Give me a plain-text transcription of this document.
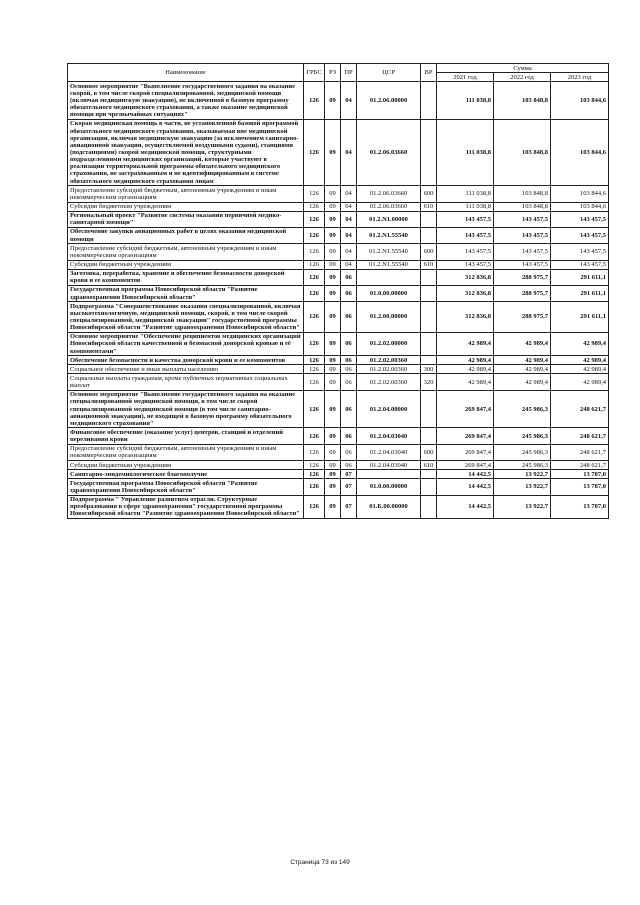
Наименование	ГРБС	РЗ	ПР	ЦСР	ВР	Сумма		
						2021 год	2022 год	2023 год
Основное мероприятие "Выполнение государственного задания на оказание скорой, в том числе скорой специализированной, медицинской помощи (включая медицинскую эвакуацию), не включенной в базовую программу обязательного медицинского страхования, а также оказание медицинской помощи при чрезвычайных ситуациях"	126	09	04	01.2.06.00000		111 038,8	103 848,8	103 844,6
Скорая медицинская помощь в части, не установленной базовой программой обязательного медицинского страхования, оказываемая вне медицинской организации, включая медицинскую эвакуацию (за исключением санитарно-авиационной эвакуации, осуществляемой воздушными судами), станциями (подстанциями) скорой медицинской помощи, структурными подразделениями медицинских организаций, которые участвуют в реализации территориальной программы обязательного медицинского страхования, не застрахованным и не идентифицированным в системе обязательного медицинского страхования лицам	126	09	04	01.2.06.03660		111 038,8	103 848,8	103 844,6
Предоставление субсидий бюджетным, автономным учреждениям и иным некоммерческим организациям	126	09	04	01.2.06.03660	600	111 038,8	103 848,8	103 844,6
Субсидии бюджетным учреждениям	126	09	04	01.2.06.03660	610	111 038,8	103 848,8	103 844,6
Региональный проект "Развитие системы оказания первичной медико-санитарной помощи"	126	09	04	01.2.N1.00000		143 457,5	143 457,5	143 457,5
Обеспечение закупки авиационных работ в целях оказания медицинской помощи	126	09	04	01.2.N1.55540		143 457,5	143 457,5	143 457,5
Предоставление субсидий бюджетным, автономным учреждениям и иным некоммерческим организациям	126	09	04	01.2.N1.55540	600	143 457,5	143 457,5	143 457,5
Субсидии бюджетным учреждениям	126	09	04	01.2.N1.55540	610	143 457,5	143 457,5	143 457,5
Заготовка, переработка, хранение и обеспечение безопасности донорской крови и ее компонентов	126	09	06			312 836,8	288 975,7	291 611,1
Государственная программа Новосибирской области "Развитие здравоохранения Новосибирской области"	126	09	06	01.0.00.00000		312 836,8	288 975,7	291 611,1
Подпрограмма "Совершенствование оказания специализированной, включая высокотехнологичную, медицинской помощи, скорой, в том числе скорой специализированной, медицинской эвакуации" государственной программы Новосибирской области "Развитие здравоохранения Новосибирской области"	126	09	06	01.2.00.00000		312 836,8	288 975,7	291 611,1
Основное мероприятие "Обеспечение реципиентов медицинских организаций Новосибирской области качественной и безопасной донорской кровью и её компонентами"	126	09	06	01.2.02.00000		42 989,4	42 989,4	42 989,4
Обеспечение безопасности и качества донорской крови и ее компонентов	126	09	06	01.2.02.00360		42 989,4	42 989,4	42 989,4
Социальное обеспечение и иные выплаты населению	126	09	06	01.2.02.00360	300	42 989,4	42 989,4	42 989,4
Социальные выплаты гражданам, кроме публичных нормативных социальных выплат	126	09	06	01.2.02.00360	320	42 989,4	42 989,4	42 989,4
Основное мероприятие "Выполнение государственного задания на оказание специализированной медицинской помощи, в том числе скорой специализированной медицинской помощи (в том числе санитарно-авиационной эвакуации), не входящей в базовую программу обязательного медицинского страхования"	126	09	06	01.2.04.00000		269 847,4	245 986,3	248 621,7
Финансовое обеспечение (оказание услуг) центров, станций и отделений переливания крови	126	09	06	01.2.04.03040		269 847,4	245 986,3	248 621,7
Предоставление субсидий бюджетным, автономным учреждениям и иным некоммерческим организациям	126	09	06	01.2.04.03040	600	269 847,4	245 986,3	248 621,7
Субсидии бюджетным учреждениям	126	09	06	01.2.04.03040	610	269 847,4	245 986,3	248 621,7
Санитарно-эпидемиологическое благополучие	126	09	07			14 442,5	13 922,7	13 787,0
Государственная программа Новосибирской области "Развитие здравоохранения Новосибирской области"	126	09	07	01.0.00.00000		14 442,5	13 922,7	13 787,0
Подпрограмма " Управление развитием отрасли. Структурные преобразования в сфере здравоохранения" государственной программы Новосибирской области "Развитие здравоохранения Новосибирской области"	126	09	07	01.Б.00.00000		14 442,5	13 922,7	13 787,0
Страница 73 из 149
